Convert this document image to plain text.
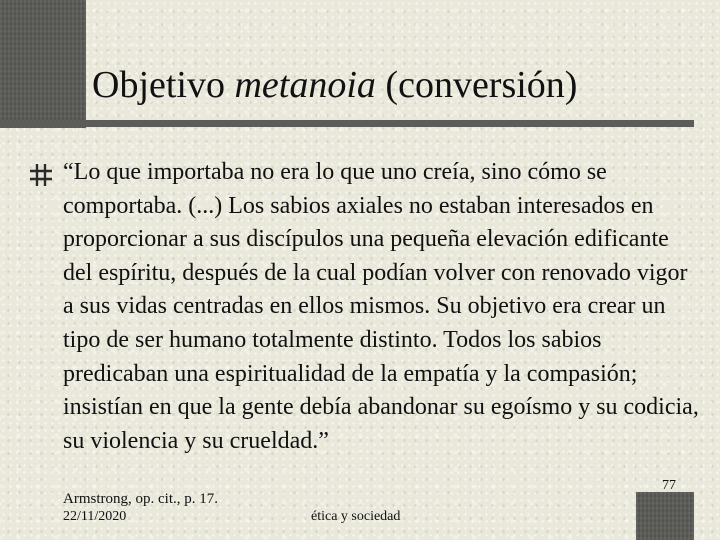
Objetivo metanoia (conversión)
“Lo que importaba no era lo que uno creía, sino cómo se comportaba. (...) Los sabios axiales no estaban interesados en proporcionar a sus discípulos una pequeña elevación edificante del espíritu, después de la cual podían volver con renovado vigor a sus vidas centradas en ellos mismos. Su objetivo era crear un tipo de ser humano totalmente distinto. Todos los sabios predicaban una espiritualidad de la empatía y la compasión; insistían en que la gente debía abandonar su egoísmo y su codicia, su violencia y su crueldad.”
Armstrong, op. cit., p. 17.
22/11/2020	ética y sociedad
77
